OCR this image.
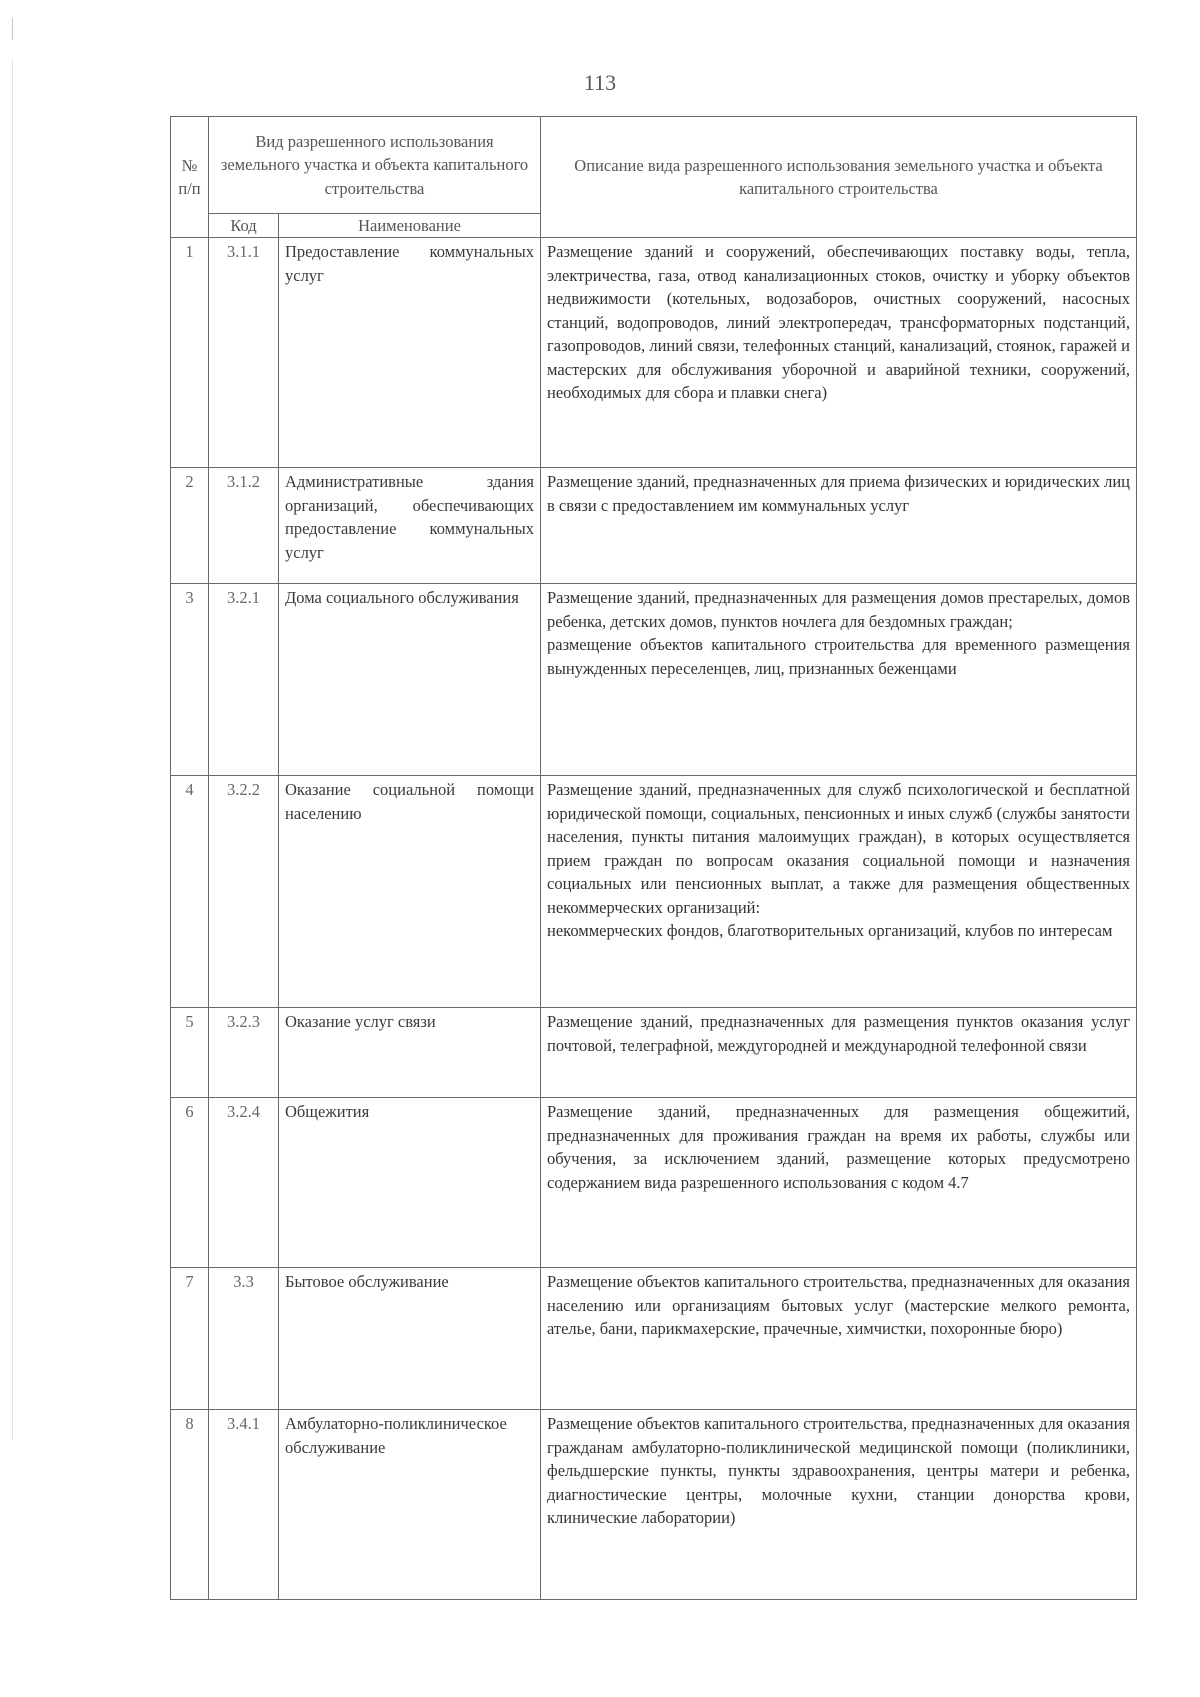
113
№ п/п	Вид разрешенного использования земельного участка и объекта капитального строительства		Описание вида разрешенного использования земельного участка и объекта капитального строительства
	Код	Наименование	
1	3.1.1	Предоставление коммунальных услуг	Размещение зданий и сооружений, обеспечивающих поставку воды, тепла, электричества, газа, отвод канализационных стоков, очистку и уборку объектов недвижимости (котельных, водозаборов, очистных сооружений, насосных станций, водопроводов, линий электропередач, трансформаторных подстанций, газопроводов, линий связи, телефонных станций, канализаций, стоянок, гаражей и мастерских для обслуживания уборочной и аварийной техники, сооружений, необходимых для сбора и плавки снега)

2	3.1.2	Административные здания организаций, обеспечивающих предоставление коммунальных услуг	Размещение зданий, предназначенных для приема физических и юридических лиц в связи с предоставлением им коммунальных услуг

3	3.2.1	Дома социального обслуживания	Размещение зданий, предназначенных для размещения домов престарелых, домов ребенка, детских домов, пунктов ночлега для бездомных граждан;
размещение объектов капитального строительства для временного размещения вынужденных переселенцев, лиц, признанных беженцами

4	3.2.2	Оказание социальной помощи населению	Размещение зданий, предназначенных для служб психологической и бесплатной юридической помощи, социальных, пенсионных и иных служб (службы занятости населения, пункты питания малоимущих граждан), в которых осуществляется прием граждан по вопросам оказания социальной помощи и назначения социальных или пенсионных выплат, а также для размещения общественных некоммерческих организаций:
некоммерческих фондов, благотворительных организаций, клубов по интересам

5	3.2.3	Оказание услуг связи	Размещение зданий, предназначенных для размещения пунктов оказания услуг почтовой, телеграфной, междугородней и международной телефонной связи

6	3.2.4	Общежития	Размещение зданий, предназначенных для размещения общежитий, предназначенных для проживания граждан на время их работы, службы или обучения, за исключением зданий, размещение которых предусмотрено содержанием вида разрешенного использования с кодом 4.7

7	3.3	Бытовое обслуживание	Размещение объектов капитального строительства, предназначенных для оказания населению или организациям бытовых услуг (мастерские мелкого ремонта, ателье, бани, парикмахерские, прачечные, химчистки, похоронные бюро)

8	3.4.1	Амбулаторно-поликлиническое обслуживание	Размещение объектов капитального строительства, предназначенных для оказания гражданам амбулаторно-поликлинической медицинской помощи (поликлиники, фельдшерские пункты, пункты здравоохранения, центры матери и ребенка, диагностические центры, молочные кухни, станции донорства крови, клинические лаборатории)
